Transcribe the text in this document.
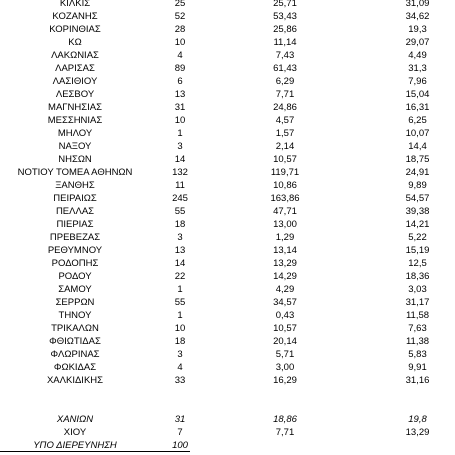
ΚΙΛΚΙΣ	25	25,71	31,09
ΚΟΖΑΝΗΣ	52	53,43	34,62
ΚΟΡΙΝΘΙΑΣ	28	25,86	19,3
ΚΩ	10	11,14	29,07
ΛΑΚΩΝΙΑΣ	4	7,43	4,49
ΛΑΡΙΣΑΣ	89	61,43	31,3
ΛΑΣΙΘΙΟΥ	6	6,29	7,96
ΛΕΣΒΟΥ	13	7,71	15,04
ΜΑΓΝΗΣΙΑΣ	31	24,86	16,31
ΜΕΣΣΗΝΙΑΣ	10	4,57	6,25
ΜΗΛΟΥ	1	1,57	10,07
ΝΑΞΟΥ	3	2,14	14,4
ΝΗΣΩΝ	14	10,57	18,75
ΝΟΤΙΟΥ ΤΟΜΕΑ ΑΘΗΝΩΝ	132	119,71	24,91
ΞΑΝΘΗΣ	11	10,86	9,89
ΠΕΙΡΑΙΩΣ	245	163,86	54,57
ΠΕΛΛΑΣ	55	47,71	39,38
ΠΙΕΡΙΑΣ	18	13,00	14,21
ΠΡΕΒΕΖΑΣ	3	1,29	5,22
ΡΕΘΥΜΝΟΥ	13	13,14	15,19
ΡΟΔΟΠΗΣ	14	13,29	12,5
ΡΟΔΟΥ	22	14,29	18,36
ΣΑΜΟΥ	1	4,29	3,03
ΣΕΡΡΩΝ	55	34,57	31,17
ΤΗΝΟΥ	1	0,43	11,58
ΤΡΙΚΑΛΩΝ	10	10,57	7,63
ΦΘΙΩΤΙΔΑΣ	18	20,14	11,38
ΦΛΩΡΙΝΑΣ	3	5,71	5,83
ΦΩΚΙΔΑΣ	4	3,00	9,91
ΧΑΛΚΙΔΙΚΗΣ	33	16,29	31,16
ΧΑΝΙΩΝ	31	18,86	19,8
ΧΙΟΥ	7	7,71	13,29
ΥΠΟ ΔΙΕΡΕΥΝΗΣΗ	100
